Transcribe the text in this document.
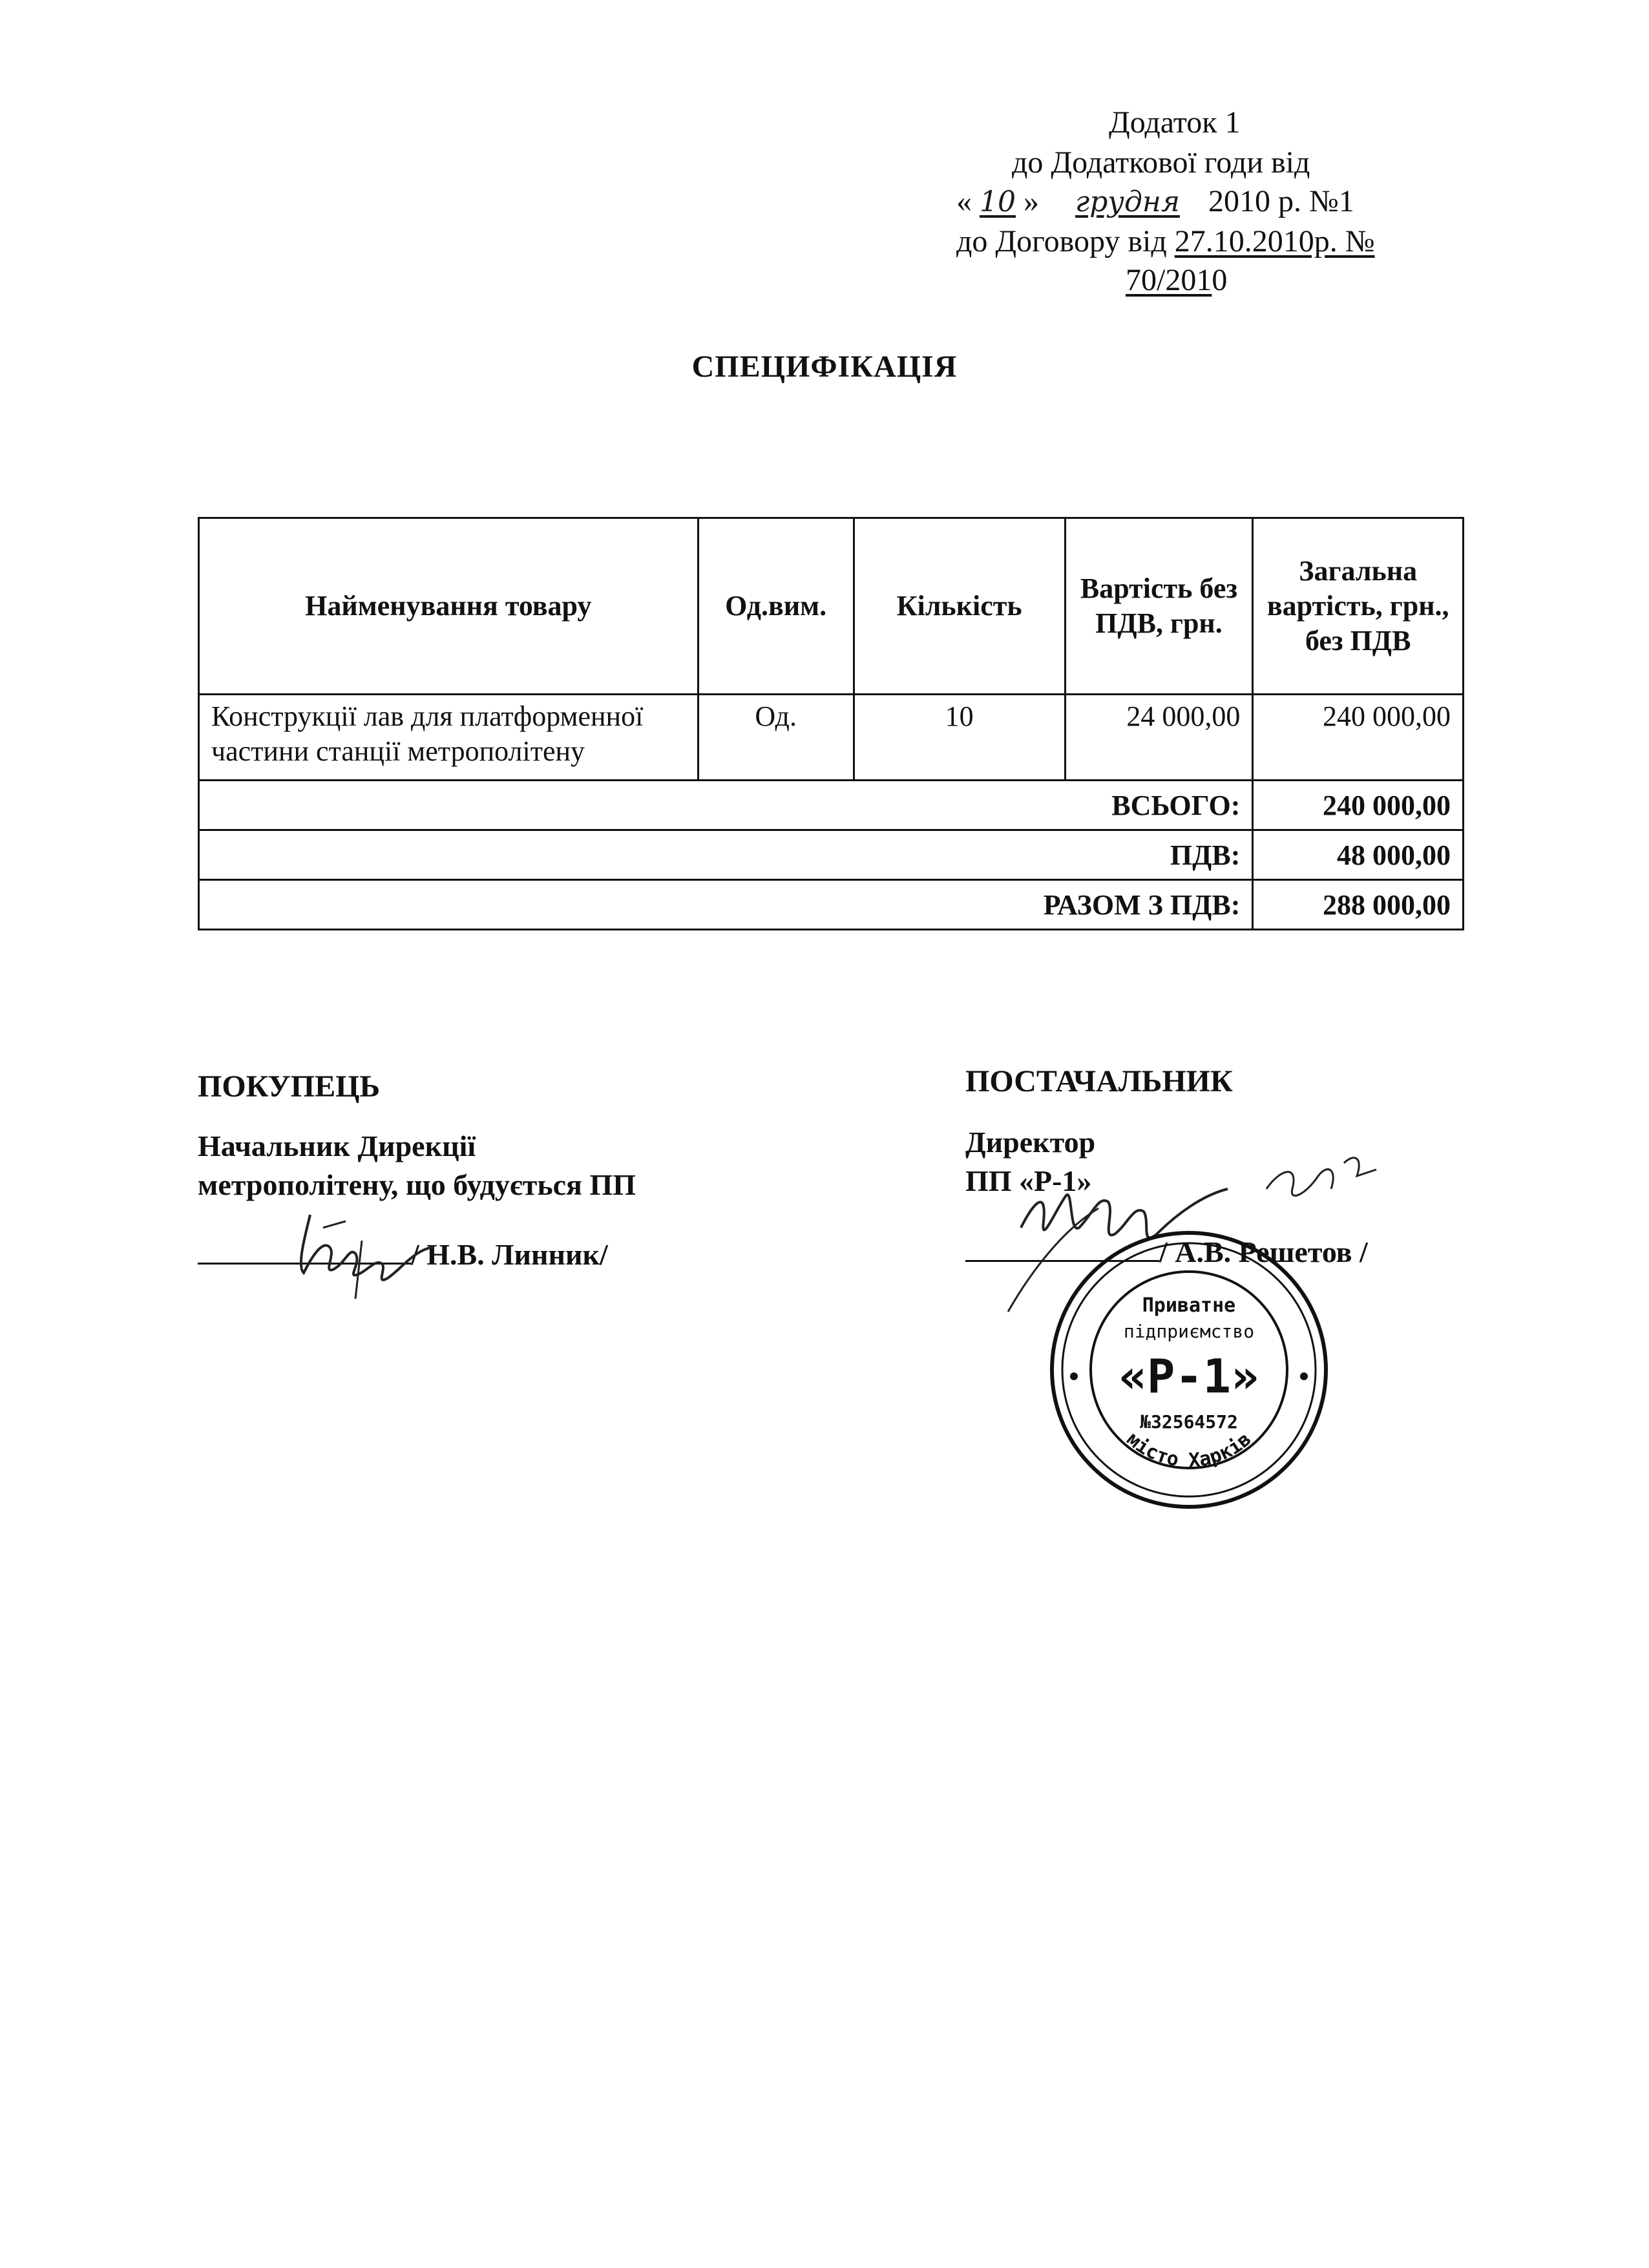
Додаток 1
до Додаткової годи від
« 10 » грудня 2010 р. №1
до Договору від 27.10.2010р. №
70/2010
СПЕЦИФІКАЦІЯ
Найменування товару	Од.вим.	Кількість	Вартість без ПДВ, грн.	Загальна вартість, грн., без ПДВ
Конструкції лав для платформенної частини станції метрополітену	Од.	10	24 000,00	240 000,00
ВСЬОГО:				240 000,00
ПДВ:				48 000,00
РАЗОМ З ПДВ:				288 000,00
ПОКУПЕЦЬ
Начальник Дирекції
метрополітену, що будується ПП
/ Н.В. Линник/
ПОСТАЧАЛЬНИК
Директор
ПП «Р-1»
/ А.В. Решетов /
Приватне
підприємство
«Р-1»
№32564572
місто Харків
